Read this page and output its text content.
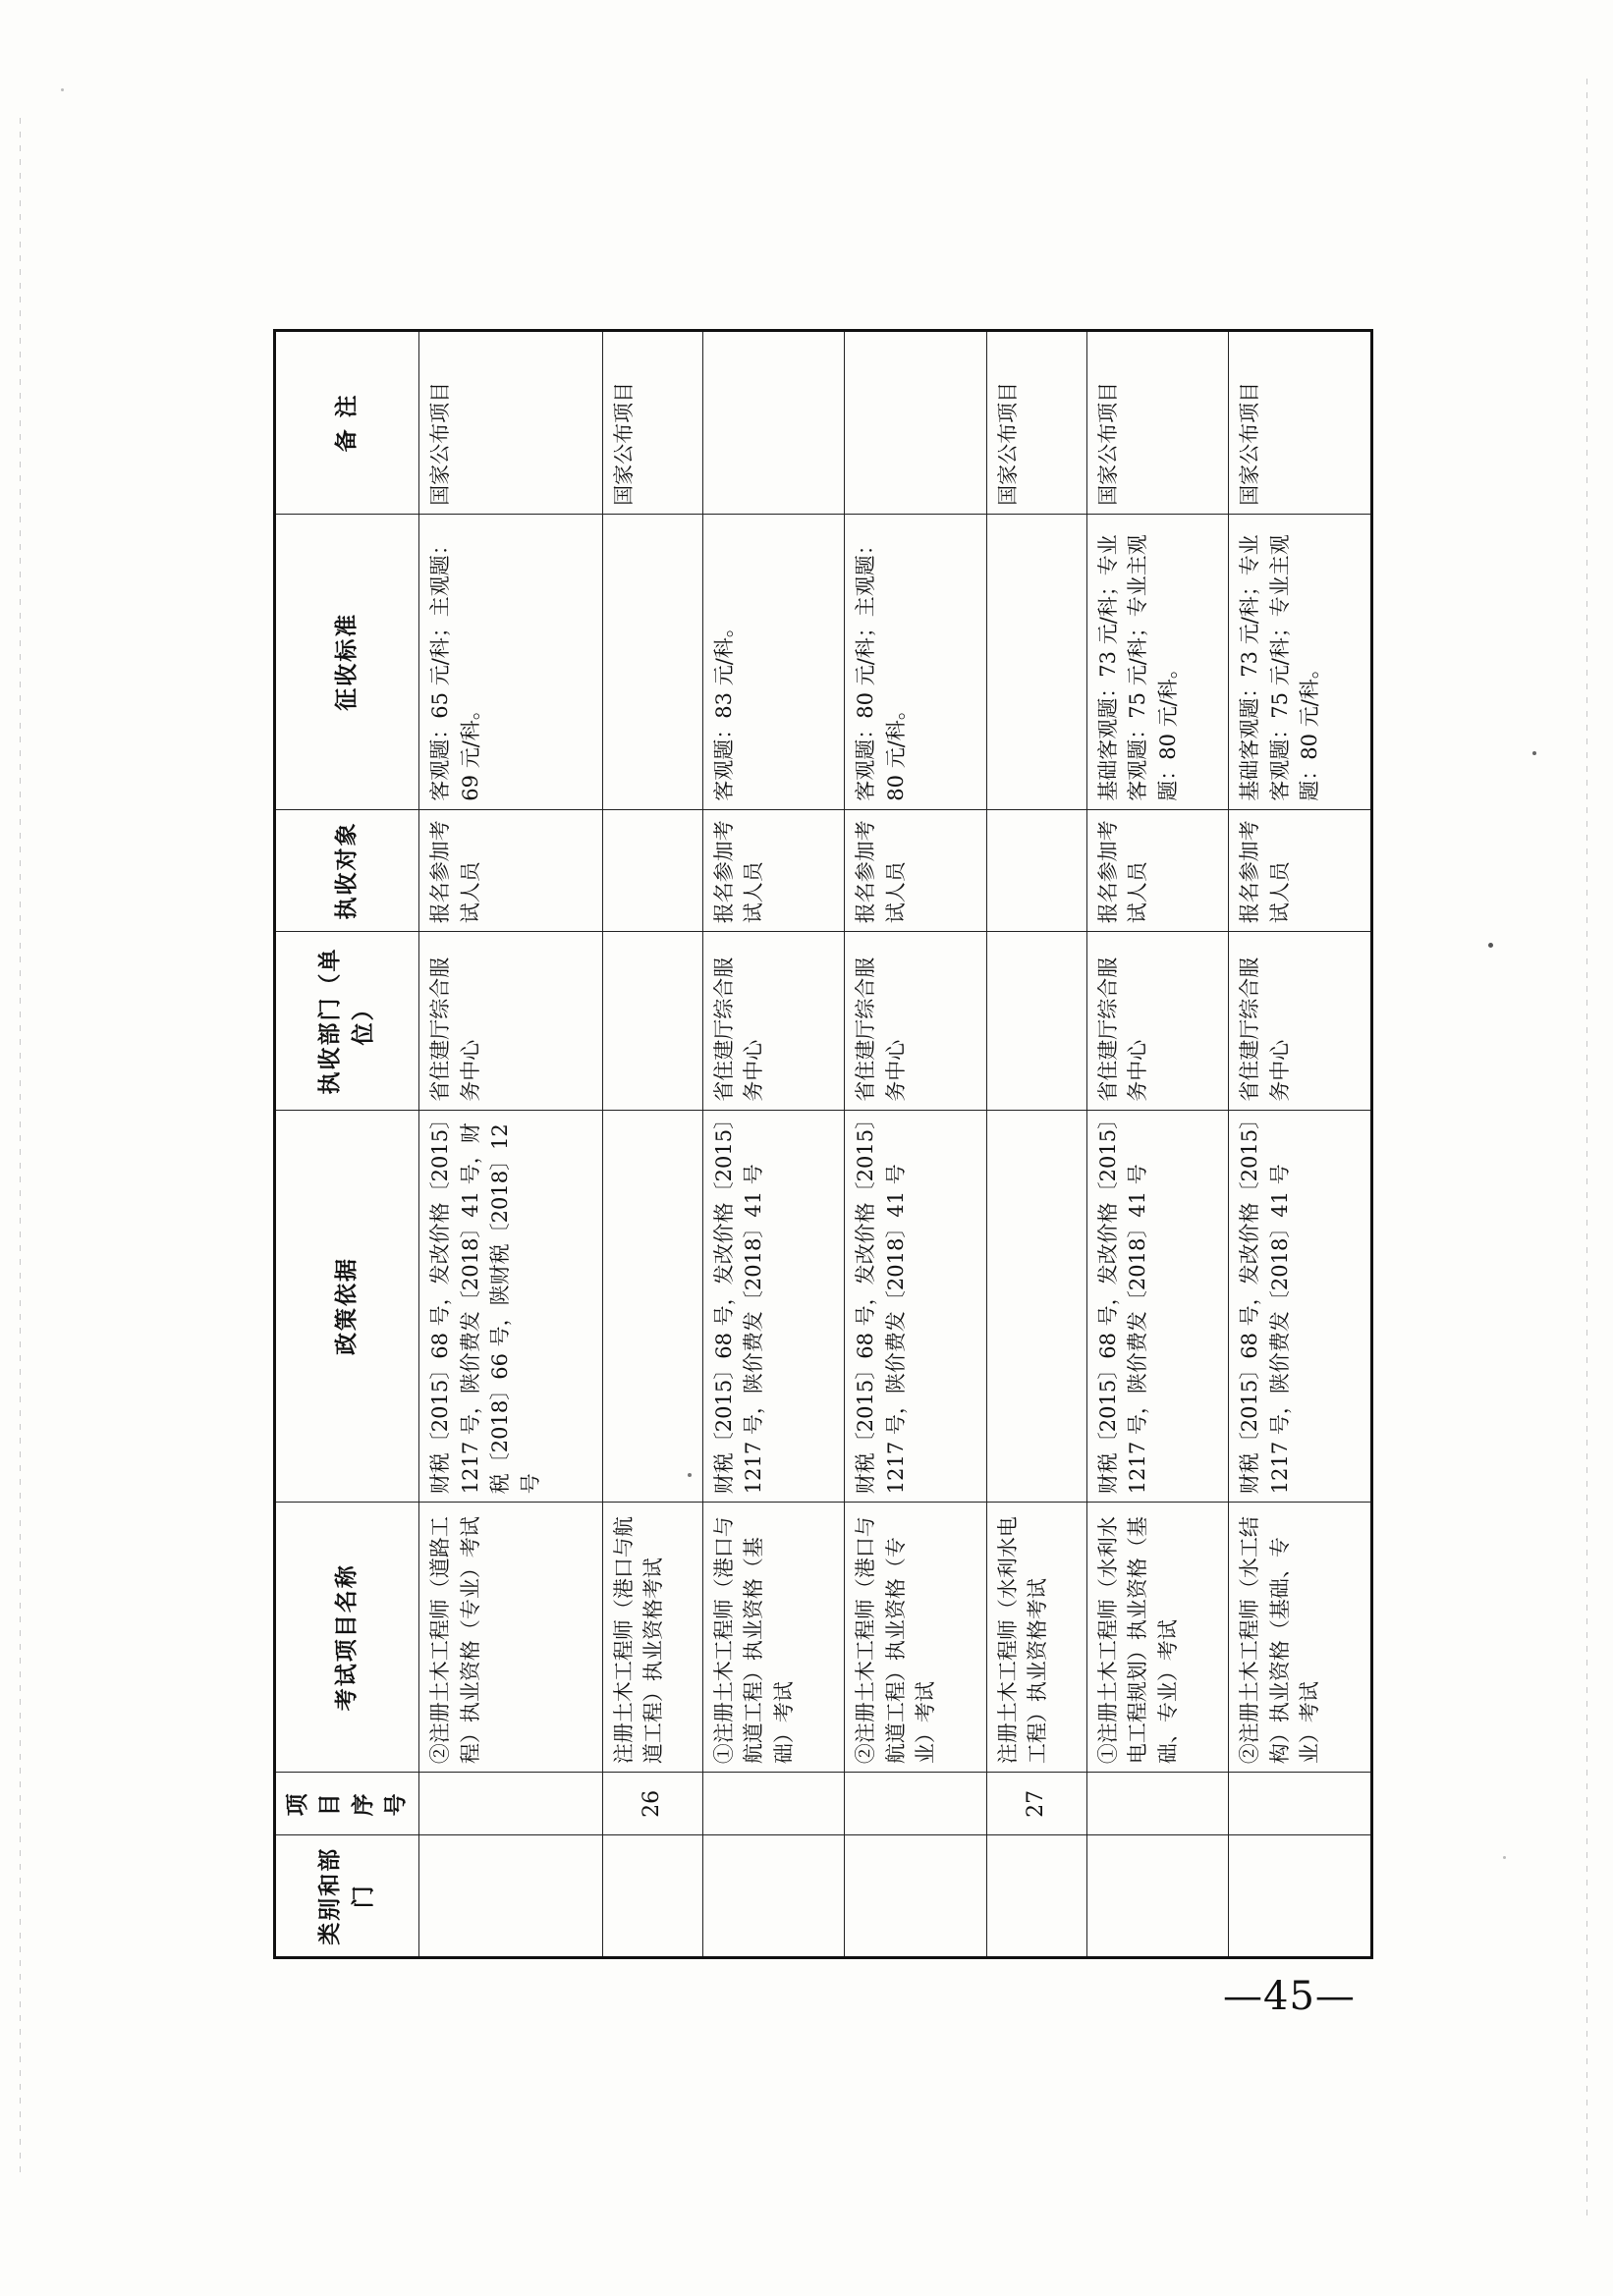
类别和部门	项目序号	考试项目名称	政策依据	执收部门（单位）	执收对象	征收标准	备 注
		②注册土木工程师（道路工程）执业资格（专业）考试	财税〔2015〕68 号，发改价格〔2015〕1217 号，陕价费发〔2018〕41 号，财税〔2018〕66 号，陕财税〔2018〕12 号	省住建厅综合服务中心	报名参加考试人员	客观题：65 元/科；主观题：69 元/科。	国家公布项目
	26	注册土木工程师（港口与航道工程）执业资格考试					国家公布项目
		①注册土木工程师（港口与航道工程）执业资格（基础）考试	财税〔2015〕68 号，发改价格〔2015〕1217 号，陕价费发〔2018〕41 号	省住建厅综合服务中心	报名参加考试人员	客观题：83 元/科。	
		②注册土木工程师（港口与航道工程）执业资格（专业）考试	财税〔2015〕68 号，发改价格〔2015〕1217 号，陕价费发〔2018〕41 号	省住建厅综合服务中心	报名参加考试人员	客观题：80 元/科；主观题：80 元/科。	
	27	注册土木工程师（水利水电工程）执业资格考试					国家公布项目
		①注册土木工程师（水利水电工程规划）执业资格（基础、专业）考试	财税〔2015〕68 号，发改价格〔2015〕1217 号，陕价费发〔2018〕41 号	省住建厅综合服务中心	报名参加考试人员	基础客观题：73 元/科；专业客观题：75 元/科；专业主观题：80 元/科。	国家公布项目
		②注册土木工程师（水工结构）执业资格（基础、专业）考试	财税〔2015〕68 号，发改价格〔2015〕1217 号，陕价费发〔2018〕41 号	省住建厅综合服务中心	报名参加考试人员	基础客观题：73 元/科；专业客观题：75 元/科；专业主观题：80 元/科。	国家公布项目
—45—
